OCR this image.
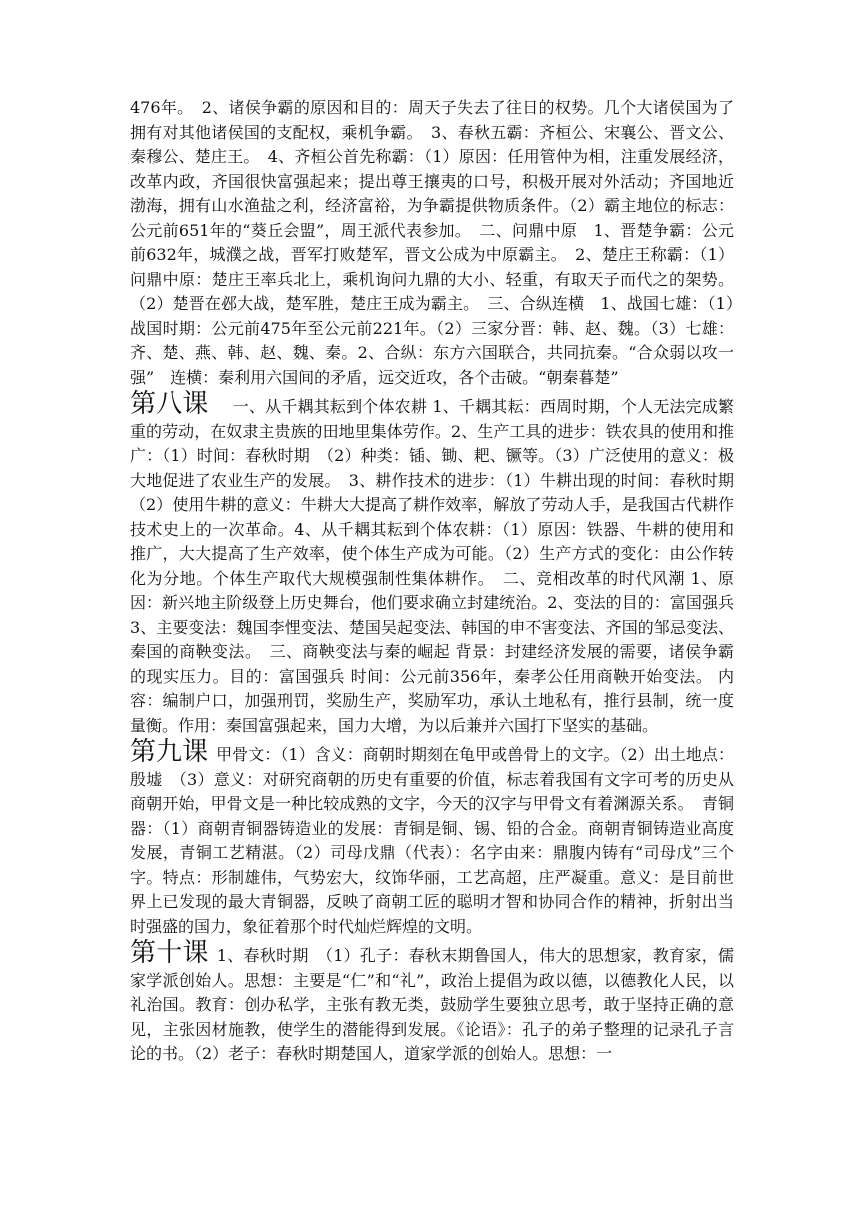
476年。　2、诸侯争霸的原因和目的：周天子失去了往日的权势。几个大诸侯国为了拥有对其他诸侯国的支配权，乘机争霸。　3、春秋五霸：齐桓公、宋襄公、晋文公、秦穆公、楚庄王。　4、齐桓公首先称霸：（1）原因：任用管仲为相，注重发展经济，改革内政，齐国很快富强起来；提出尊王攘夷的口号，积极开展对外活动；齐国地近渤海，拥有山水渔盐之利，经济富裕，为争霸提供物质条件。（2）霸主地位的标志：公元前651年的“葵丘会盟”，周王派代表参加。　二、问鼎中原　1、晋楚争霸：公元前632年，城濮之战，晋军打败楚军，晋文公成为中原霸主。　2、楚庄王称霸：（1）问鼎中原：楚庄王率兵北上，乘机询问九鼎的大小、轻重，有取天子而代之的架势。（2）楚晋在邲大战，楚军胜，楚庄王成为霸主。　三、合纵连横　1、战国七雄：（1）战国时期：公元前475年至公元前221年。（2）三家分晋：韩、赵、魏。（3）七雄：齐、楚、燕、韩、赵、魏、秦。2、合纵：东方六国联合，共同抗秦。“合众弱以攻一强”　连横：秦利用六国间的矛盾，远交近攻，各个击破。“朝秦暮楚”

第八课　一、从千耦其耘到个体农耕 1、千耦其耘：西周时期，个人无法完成繁重的劳动，在奴隶主贵族的田地里集体劳作。2、生产工具的进步：铁农具的使用和推广：（1）时间：春秋时期　（2）种类：锸、锄、耙、镢等。（3）广泛使用的意义：极大地促进了农业生产的发展。　3、耕作技术的进步：（1）牛耕出现的时间：春秋时期　（2）使用牛耕的意义：牛耕大大提高了耕作效率，解放了劳动人手，是我国古代耕作技术史上的一次革命。4、从千耦其耘到个体农耕：（1）原因：铁器、牛耕的使用和推广，大大提高了生产效率，使个体生产成为可能。（2）生产方式的变化：由公作转化为分地。个体生产取代大规模强制性集体耕作。　二、竞相改革的时代风潮 1、原因：新兴地主阶级登上历史舞台，他们要求确立封建统治。2、变法的目的：富国强兵 3、主要变法：魏国李悝变法、楚国吴起变法、韩国的申不害变法、齐国的邹忌变法、秦国的商鞅变法。　三、商鞅变法与秦的崛起 背景：封建经济发展的需要，诸侯争霸的现实压力。目的：富国强兵 时间：公元前356年，秦孝公任用商鞅开始变法。 内容：编制户口，加强刑罚，奖励生产，奖励军功，承认土地私有，推行县制，统一度量衡。作用：秦国富强起来，国力大增，为以后兼并六国打下坚实的基础。

第九课 甲骨文：（1）含义：商朝时期刻在龟甲或兽骨上的文字。（2）出土地点：殷墟　（3）意义：对研究商朝的历史有重要的价值，标志着我国有文字可考的历史从商朝开始，甲骨文是一种比较成熟的文字，今天的汉字与甲骨文有着渊源关系。　青铜器：（1）商朝青铜器铸造业的发展：青铜是铜、锡、铅的合金。商朝青铜铸造业高度发展，青铜工艺精湛。（2）司母戊鼎（代表）：名字由来：鼎腹内铸有“司母戊”三个字。特点：形制雄伟，气势宏大，纹饰华丽，工艺高超，庄严凝重。意义：是目前世界上已发现的最大青铜器，反映了商朝工匠的聪明才智和协同合作的精神，折射出当时强盛的国力，象征着那个时代灿烂辉煌的文明。

第十课 1、春秋时期　（1）孔子：春秋末期鲁国人，伟大的思想家，教育家，儒家学派创始人。思想：主要是“仁”和“礼”，政治上提倡为政以德，以德教化人民，以礼治国。教育：创办私学，主张有教无类，鼓励学生要独立思考，敢于坚持正确的意见，主张因材施教，使学生的潜能得到发展。《论语》：孔子的弟子整理的记录孔子言论的书。（2）老子：春秋时期楚国人，道家学派的创始人。思想：一
